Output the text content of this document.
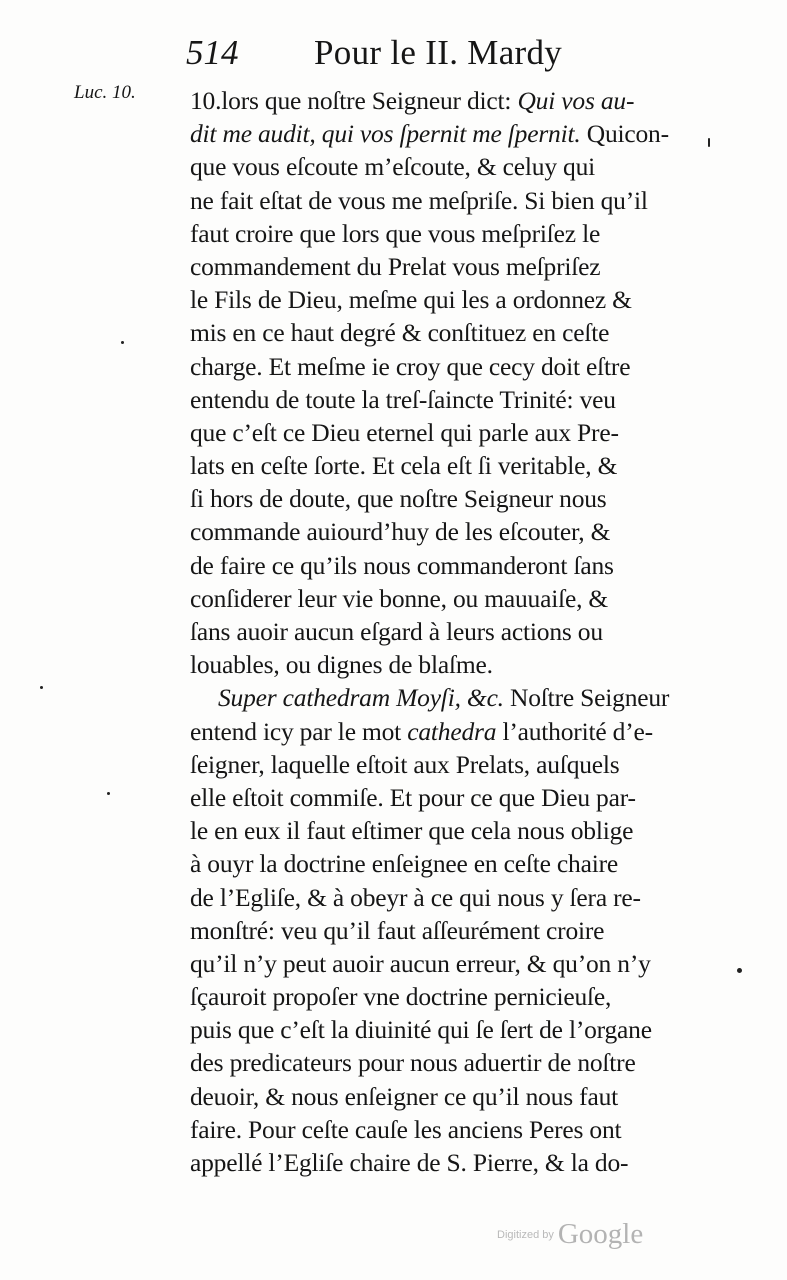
514 Pour le II. Mardy
Luc. 10. 10.lors que noſtre Seigneur dict: Qui vos au-
dit me audit, qui vos ſpernit me ſpernit. Quicon-
que vous eſcoute m’eſcoute, & celuy qui
ne fait eſtat de vous me meſpriſe. Si bien qu’il
faut croire que lors que vous meſpriſez le
commandement du Prelat vous meſpriſez
le Fils de Dieu, meſme qui les a ordonnez &
mis en ce haut degré & conſtituez en ceſte
charge. Et meſme ie croy que cecy doit eſtre
entendu de toute la treſ-ſaincte Trinité: veu
que c’eſt ce Dieu eternel qui parle aux Pre-
lats en ceſte ſorte. Et cela eſt ſi veritable, &
ſi hors de doute, que noſtre Seigneur nous
commande auiourd’huy de les eſcouter, &
de faire ce qu’ils nous commanderont ſans
conſiderer leur vie bonne, ou mauuaiſe, &
ſans auoir aucun eſgard à leurs actions ou
louables, ou dignes de blaſme.
Super cathedram Moyſi, &c. Noſtre Seigneur
entend icy par le mot cathedra l’authorité d’e-
ſeigner, laquelle eſtoit aux Prelats, auſquels
elle eſtoit commiſe. Et pour ce que Dieu par-
le en eux il faut eſtimer que cela nous oblige
à ouyr la doctrine enſeignee en ceſte chaire
de l’Egliſe, & à obeyr à ce qui nous y ſera re-
monſtré: veu qu’il faut aſſeurément croire
qu’il n’y peut auoir aucun erreur, & qu’on n’y
ſçauroit propoſer vne doctrine pernicieuſe,
puis que c’eſt la diuinité qui ſe ſert de l’organe
des predicateurs pour nous aduertir de noſtre
deuoir, & nous enſeigner ce qu’il nous faut
faire. Pour ceſte cauſe les anciens Peres ont
appellé l’Egliſe chaire de S. Pierre, & la do-
Digitized by Google
